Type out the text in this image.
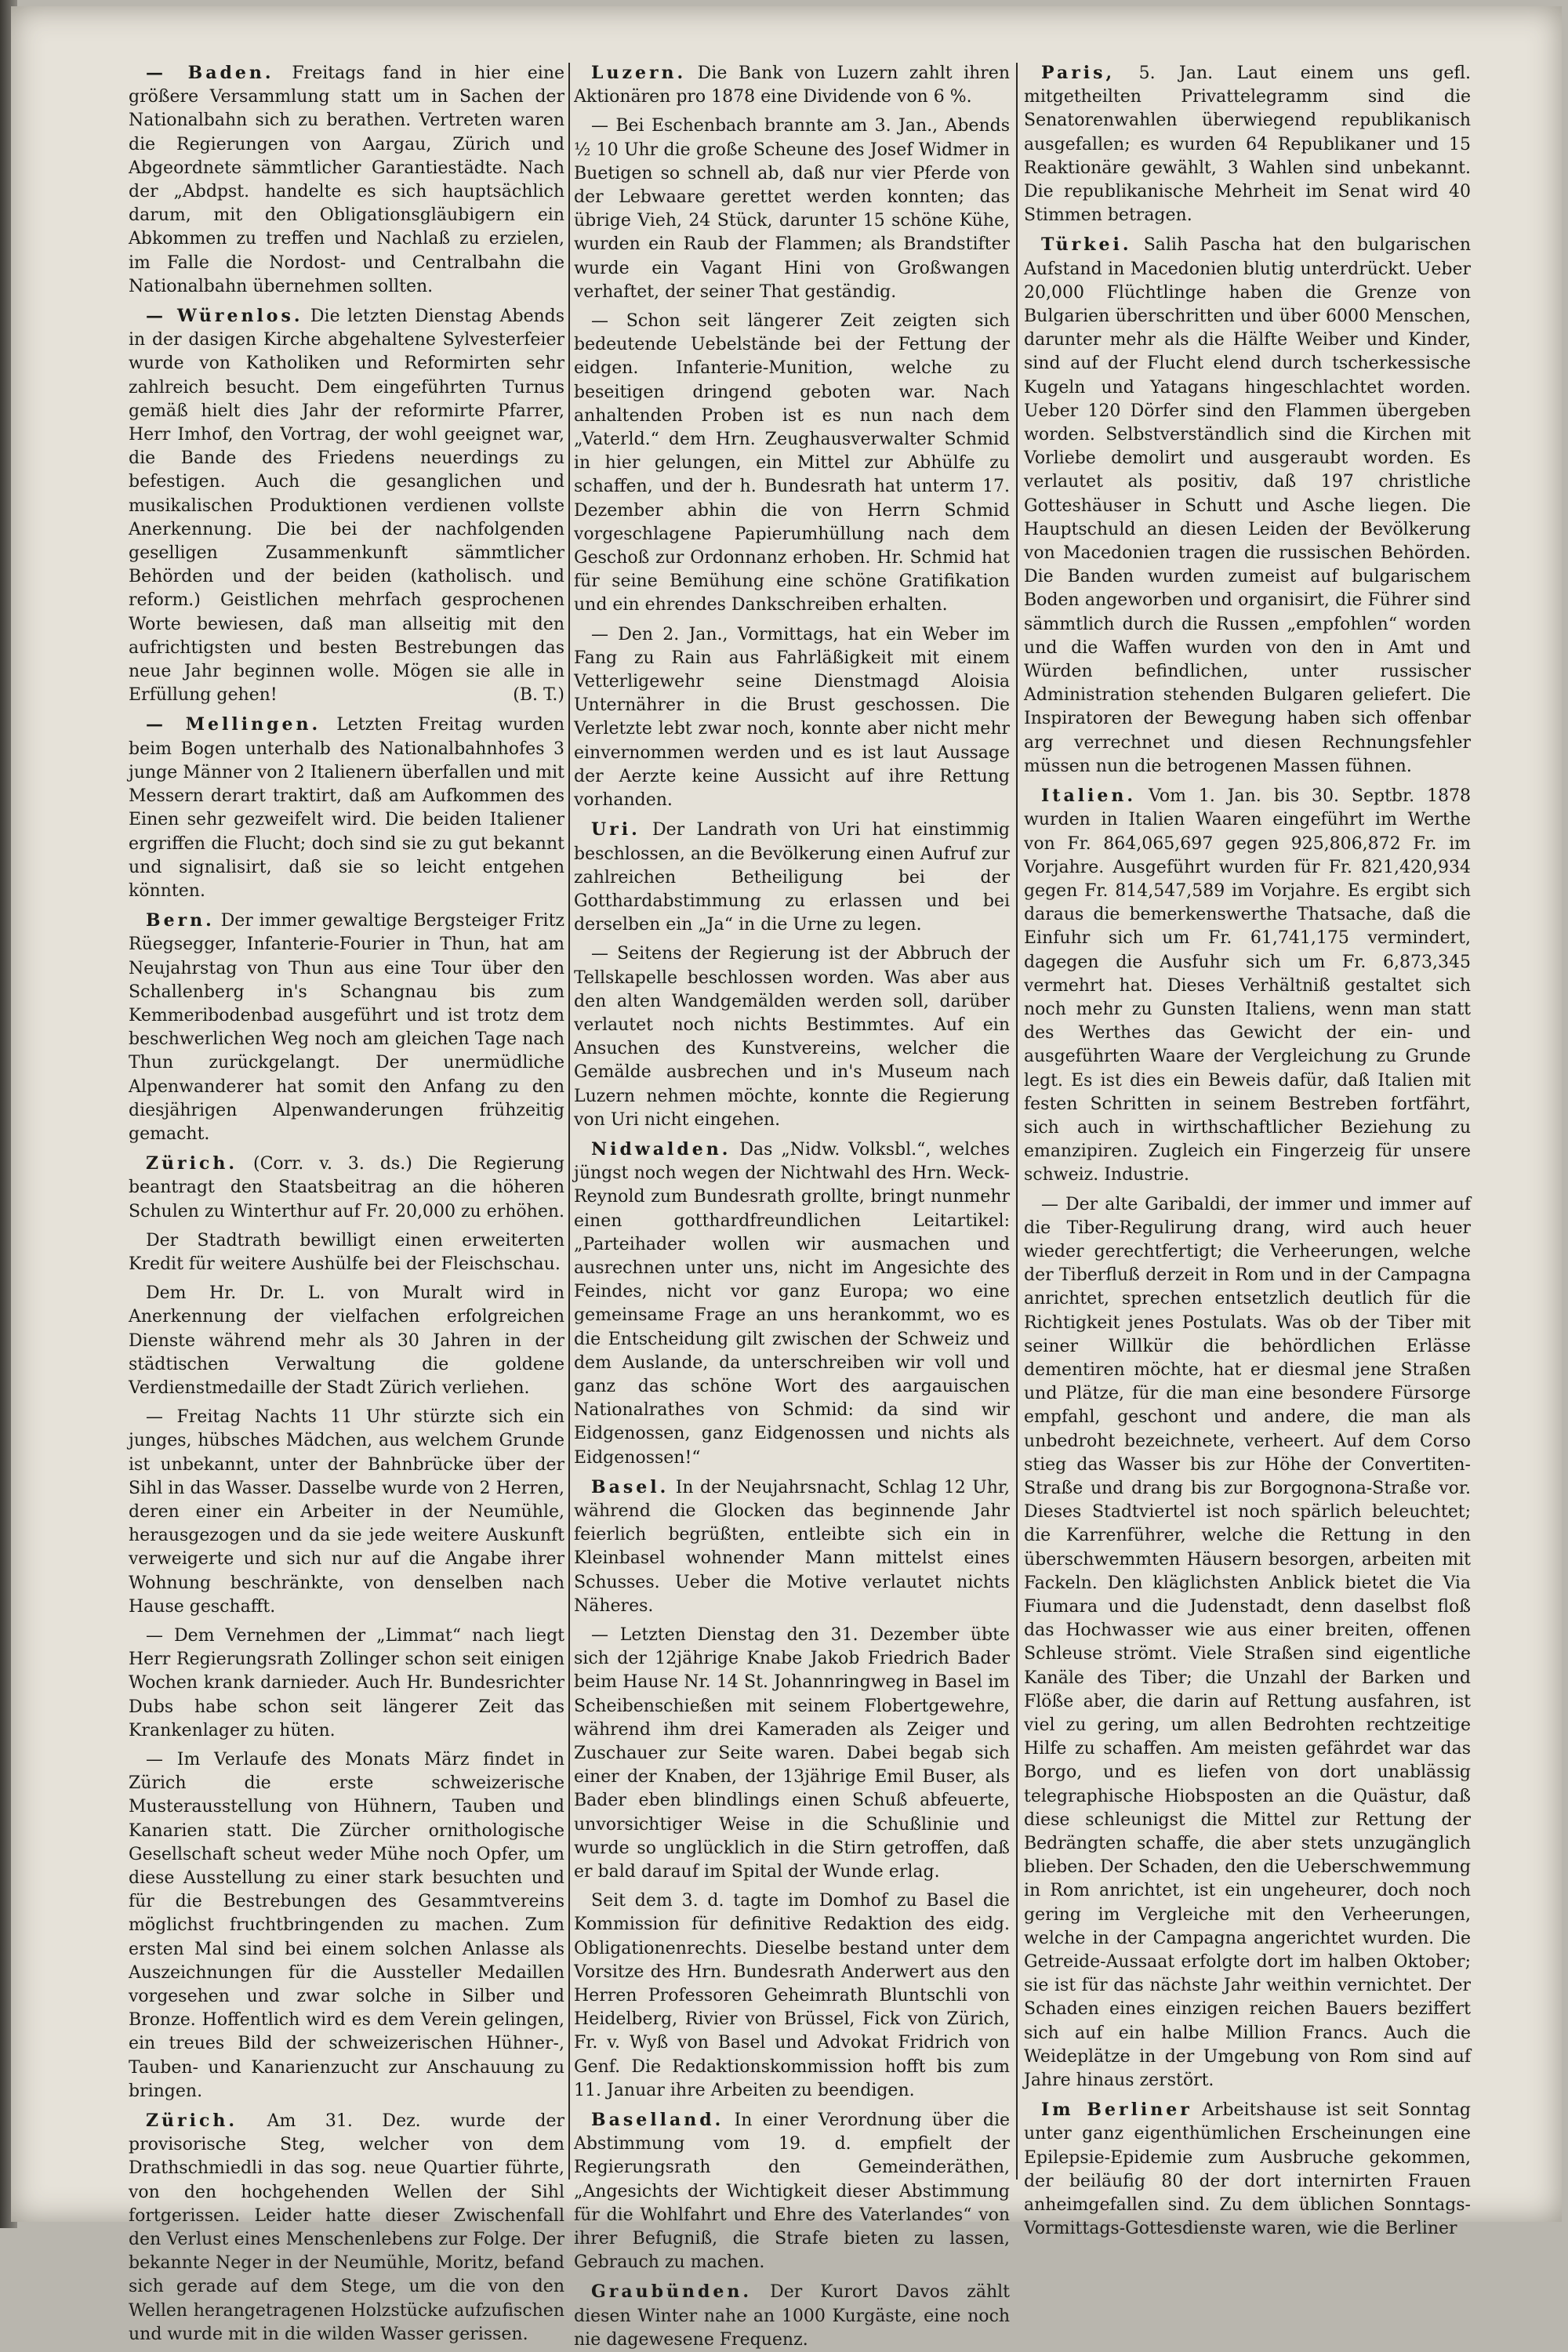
— Baden. Freitags fand in hier eine größere Versammlung statt um in Sachen der Nationalbahn sich zu berathen. Vertreten waren die Regierungen von Aargau, Zürich und Abgeordnete sämmtlicher Garantiestädte. Nach der „Abdpst. handelte es sich hauptsächlich darum, mit den Obligationsgläubigern ein Abkommen zu treffen und Nachlaß zu erzielen, im Falle die Nordost- und Centralbahn die Nationalbahn übernehmen sollten.

— Würenlos. Die letzten Dienstag Abends in der dasigen Kirche abgehaltene Sylvesterfeier wurde von Katholiken und Reformirten sehr zahlreich besucht. Dem eingeführten Turnus gemäß hielt dies Jahr der reformirte Pfarrer, Herr Imhof, den Vortrag, der wohl geeignet war, die Bande des Friedens neuerdings zu befestigen. Auch die gesanglichen und musikalischen Produktionen verdienen vollste Anerkennung. Die bei der nachfolgenden geselligen Zusammenkunft sämmtlicher Behörden und der beiden (katholisch. und reform.) Geistlichen mehrfach gesprochenen Worte bewiesen, daß man allseitig mit den aufrichtigsten und besten Bestrebungen das neue Jahr beginnen wolle. Mögen sie alle in Erfüllung gehen!	(B. T.)

— Mellingen. Letzten Freitag wurden beim Bogen unterhalb des Nationalbahnhofes 3 junge Männer von 2 Italienern überfallen und mit Messern derart traktirt, daß am Aufkommen des Einen sehr gezweifelt wird. Die beiden Italiener ergriffen die Flucht; doch sind sie zu gut bekannt und signalisirt, daß sie so leicht entgehen könnten.

Bern. Der immer gewaltige Bergsteiger Fritz Rüegsegger, Infanterie-Fourier in Thun, hat am Neujahrstag von Thun aus eine Tour über den Schallenberg in's Schangnau bis zum Kemmeribodenbad ausgeführt und ist trotz dem beschwerlichen Weg noch am gleichen Tage nach Thun zurückgelangt. Der unermüdliche Alpenwanderer hat somit den Anfang zu den diesjährigen Alpenwanderungen frühzeitig gemacht.

Zürich. (Corr. v. 3. ds.) Die Regierung beantragt den Staatsbeitrag an die höheren Schulen zu Winterthur auf Fr. 20,000 zu erhöhen.

Der Stadtrath bewilligt einen erweiterten Kredit für weitere Aushülfe bei der Fleischschau.

Dem Hr. Dr. L. von Muralt wird in Anerkennung der vielfachen erfolgreichen Dienste während mehr als 30 Jahren in der städtischen Verwaltung die goldene Verdienstmedaille der Stadt Zürich verliehen.

— Freitag Nachts 11 Uhr stürzte sich ein junges, hübsches Mädchen, aus welchem Grunde ist unbekannt, unter der Bahnbrücke über der Sihl in das Wasser. Dasselbe wurde von 2 Herren, deren einer ein Arbeiter in der Neumühle, herausgezogen und da sie jede weitere Auskunft verweigerte und sich nur auf die Angabe ihrer Wohnung beschränkte, von denselben nach Hause geschafft.

— Dem Vernehmen der „Limmat“ nach liegt Herr Regierungsrath Zollinger schon seit einigen Wochen krank darnieder. Auch Hr. Bundesrichter Dubs habe schon seit längerer Zeit das Krankenlager zu hüten.

— Im Verlaufe des Monats März findet in Zürich die erste schweizerische Musterausstellung von Hühnern, Tauben und Kanarien statt. Die Zürcher ornithologische Gesellschaft scheut weder Mühe noch Opfer, um diese Ausstellung zu einer stark besuchten und für die Bestrebungen des Gesammtvereins möglichst fruchtbringenden zu machen. Zum ersten Mal sind bei einem solchen Anlasse als Auszeichnungen für die Aussteller Medaillen vorgesehen und zwar solche in Silber und Bronze. Hoffentlich wird es dem Verein gelingen, ein treues Bild der schweizerischen Hühner-, Tauben- und Kanarienzucht zur Anschauung zu bringen.

Zürich. Am 31. Dez. wurde der provisorische Steg, welcher von dem Drathschmiedli in das sog. neue Quartier führte, von den hochgehenden Wellen der Sihl fortgerissen. Leider hatte dieser Zwischenfall den Verlust eines Menschenlebens zur Folge. Der bekannte Neger in der Neumühle, Moritz, befand sich gerade auf dem Stege, um die von den Wellen herangetragenen Holzstücke aufzufischen und wurde mit in die wilden Wasser gerissen.

Luzern. Die Bank von Luzern zahlt ihren Aktionären pro 1878 eine Dividende von 6 %.

— Bei Eschenbach brannte am 3. Jan., Abends ½ 10 Uhr die große Scheune des Josef Widmer in Buetigen so schnell ab, daß nur vier Pferde von der Lebwaare gerettet werden konnten; das übrige Vieh, 24 Stück, darunter 15 schöne Kühe, wurden ein Raub der Flammen; als Brandstifter wurde ein Vagant Hini von Großwangen verhaftet, der seiner That geständig.

— Schon seit längerer Zeit zeigten sich bedeutende Uebelstände bei der Fettung der eidgen. Infanterie-Munition, welche zu beseitigen dringend geboten war. Nach anhaltenden Proben ist es nun nach dem „Vaterld.“ dem Hrn. Zeughausverwalter Schmid in hier gelungen, ein Mittel zur Abhülfe zu schaffen, und der h. Bundesrath hat unterm 17. Dezember abhin die von Herrn Schmid vorgeschlagene Papierumhüllung nach dem Geschoß zur Ordonnanz erhoben. Hr. Schmid hat für seine Bemühung eine schöne Gratifikation und ein ehrendes Dankschreiben erhalten.

— Den 2. Jan., Vormittags, hat ein Weber im Fang zu Rain aus Fahrläßigkeit mit einem Vetterligewehr seine Dienstmagd Aloisia Unternährer in die Brust geschossen. Die Verletzte lebt zwar noch, konnte aber nicht mehr einvernommen werden und es ist laut Aussage der Aerzte keine Aussicht auf ihre Rettung vorhanden.

Uri. Der Landrath von Uri hat einstimmig beschlossen, an die Bevölkerung einen Aufruf zur zahlreichen Betheiligung bei der Gotthardabstimmung zu erlassen und bei derselben ein „Ja“ in die Urne zu legen.

— Seitens der Regierung ist der Abbruch der Tellskapelle beschlossen worden. Was aber aus den alten Wandgemälden werden soll, darüber verlautet noch nichts Bestimmtes. Auf ein Ansuchen des Kunstvereins, welcher die Gemälde ausbrechen und in's Museum nach Luzern nehmen möchte, konnte die Regierung von Uri nicht eingehen.

Nidwalden. Das „Nidw. Volksbl.“, welches jüngst noch wegen der Nichtwahl des Hrn. Weck-Reynold zum Bundesrath grollte, bringt nunmehr einen gotthardfreundlichen Leitartikel: „Parteihader wollen wir ausmachen und ausrechnen unter uns, nicht im Angesichte des Feindes, nicht vor ganz Europa; wo eine gemeinsame Frage an uns herankommt, wo es die Entscheidung gilt zwischen der Schweiz und dem Auslande, da unterschreiben wir voll und ganz das schöne Wort des aargauischen Nationalrathes von Schmid: da sind wir Eidgenossen, ganz Eidgenossen und nichts als Eidgenossen!“

Basel. In der Neujahrsnacht, Schlag 12 Uhr, während die Glocken das beginnende Jahr feierlich begrüßten, entleibte sich ein in Kleinbasel wohnender Mann mittelst eines Schusses. Ueber die Motive verlautet nichts Näheres.

— Letzten Dienstag den 31. Dezember übte sich der 12jährige Knabe Jakob Friedrich Bader beim Hause Nr. 14 St. Johannringweg in Basel im Scheibenschießen mit seinem Flobertgewehre, während ihm drei Kameraden als Zeiger und Zuschauer zur Seite waren. Dabei begab sich einer der Knaben, der 13jährige Emil Buser, als Bader eben blindlings einen Schuß abfeuerte, unvorsichtiger Weise in die Schußlinie und wurde so unglücklich in die Stirn getroffen, daß er bald darauf im Spital der Wunde erlag.

Seit dem 3. d. tagte im Domhof zu Basel die Kommission für definitive Redaktion des eidg. Obligationenrechts. Dieselbe bestand unter dem Vorsitze des Hrn. Bundesrath Anderwert aus den Herren Professoren Geheimrath Bluntschli von Heidelberg, Rivier von Brüssel, Fick von Zürich, Fr. v. Wyß von Basel und Advokat Fridrich von Genf. Die Redaktionskommission hofft bis zum 11. Januar ihre Arbeiten zu beendigen.

Baselland. In einer Verordnung über die Abstimmung vom 19. d. empfielt der Regierungsrath den Gemeinderäthen, „Angesichts der Wichtigkeit dieser Abstimmung für die Wohlfahrt und Ehre des Vaterlandes“ von ihrer Befugniß, die Strafe bieten zu lassen, Gebrauch zu machen.

Graubünden. Der Kurort Davos zählt diesen Winter nahe an 1000 Kurgäste, eine noch nie dagewesene Frequenz.

Paris, 5. Jan. Laut einem uns gefl. mitgetheilten Privattelegramm sind die Senatorenwahlen überwiegend republikanisch ausgefallen; es wurden 64 Republikaner und 15 Reaktionäre gewählt, 3 Wahlen sind unbekannt. Die republikanische Mehrheit im Senat wird 40 Stimmen betragen.

Türkei. Salih Pascha hat den bulgarischen Aufstand in Macedonien blutig unterdrückt. Ueber 20,000 Flüchtlinge haben die Grenze von Bulgarien überschritten und über 6000 Menschen, darunter mehr als die Hälfte Weiber und Kinder, sind auf der Flucht elend durch tscherkessische Kugeln und Yatagans hingeschlachtet worden. Ueber 120 Dörfer sind den Flammen übergeben worden. Selbstverständlich sind die Kirchen mit Vorliebe demolirt und ausgeraubt worden. Es verlautet als positiv, daß 197 christliche Gotteshäuser in Schutt und Asche liegen. Die Hauptschuld an diesen Leiden der Bevölkerung von Macedonien tragen die russischen Behörden. Die Banden wurden zumeist auf bulgarischem Boden angeworben und organisirt, die Führer sind sämmtlich durch die Russen „empfohlen“ worden und die Waffen wurden von den in Amt und Würden befindlichen, unter russischer Administration stehenden Bulgaren geliefert. Die Inspiratoren der Bewegung haben sich offenbar arg verrechnet und diesen Rechnungsfehler müssen nun die betrogenen Massen fühnen.

Italien. Vom 1. Jan. bis 30. Septbr. 1878 wurden in Italien Waaren eingeführt im Werthe von Fr. 864,065,697 gegen 925,806,872 Fr. im Vorjahre. Ausgeführt wurden für Fr. 821,420,934 gegen Fr. 814,547,589 im Vorjahre. Es ergibt sich daraus die bemerkenswerthe Thatsache, daß die Einfuhr sich um Fr. 61,741,175 vermindert, dagegen die Ausfuhr sich um Fr. 6,873,345 vermehrt hat. Dieses Verhältniß gestaltet sich noch mehr zu Gunsten Italiens, wenn man statt des Werthes das Gewicht der ein- und ausgeführten Waare der Vergleichung zu Grunde legt. Es ist dies ein Beweis dafür, daß Italien mit festen Schritten in seinem Bestreben fortfährt, sich auch in wirthschaftlicher Beziehung zu emanzipiren. Zugleich ein Fingerzeig für unsere schweiz. Industrie.

— Der alte Garibaldi, der immer und immer auf die Tiber-Regulirung drang, wird auch heuer wieder gerechtfertigt; die Verheerungen, welche der Tiberfluß derzeit in Rom und in der Campagna anrichtet, sprechen entsetzlich deutlich für die Richtigkeit jenes Postulats. Was ob der Tiber mit seiner Willkür die behördlichen Erlässe dementiren möchte, hat er diesmal jene Straßen und Plätze, für die man eine besondere Fürsorge empfahl, geschont und andere, die man als unbedroht bezeichnete, verheert. Auf dem Corso stieg das Wasser bis zur Höhe der Convertiten-Straße und drang bis zur Borgognona-Straße vor. Dieses Stadtviertel ist noch spärlich beleuchtet; die Karrenführer, welche die Rettung in den überschwemmten Häusern besorgen, arbeiten mit Fackeln. Den kläglichsten Anblick bietet die Via Fiumara und die Judenstadt, denn daselbst floß das Hochwasser wie aus einer breiten, offenen Schleuse strömt. Viele Straßen sind eigentliche Kanäle des Tiber; die Unzahl der Barken und Flöße aber, die darin auf Rettung ausfahren, ist viel zu gering, um allen Bedrohten rechtzeitige Hilfe zu schaffen. Am meisten gefährdet war das Borgo, und es liefen von dort unablässig telegraphische Hiobsposten an die Quästur, daß diese schleunigst die Mittel zur Rettung der Bedrängten schaffe, die aber stets unzugänglich blieben. Der Schaden, den die Ueberschwemmung in Rom anrichtet, ist ein ungeheurer, doch noch gering im Vergleiche mit den Verheerungen, welche in der Campagna angerichtet wurden. Die Getreide-Aussaat erfolgte dort im halben Oktober; sie ist für das nächste Jahr weithin vernichtet. Der Schaden eines einzigen reichen Bauers beziffert sich auf ein halbe Million Francs. Auch die Weideplätze in der Umgebung von Rom sind auf Jahre hinaus zerstört.

Im Berliner Arbeitshause ist seit Sonntag unter ganz eigenthümlichen Erscheinungen eine Epilepsie-Epidemie zum Ausbruche gekommen, der beiläufig 80 der dort internirten Frauen anheimgefallen sind. Zu dem üblichen Sonntags-Vormittags-Gottesdienste waren, wie die Berliner
